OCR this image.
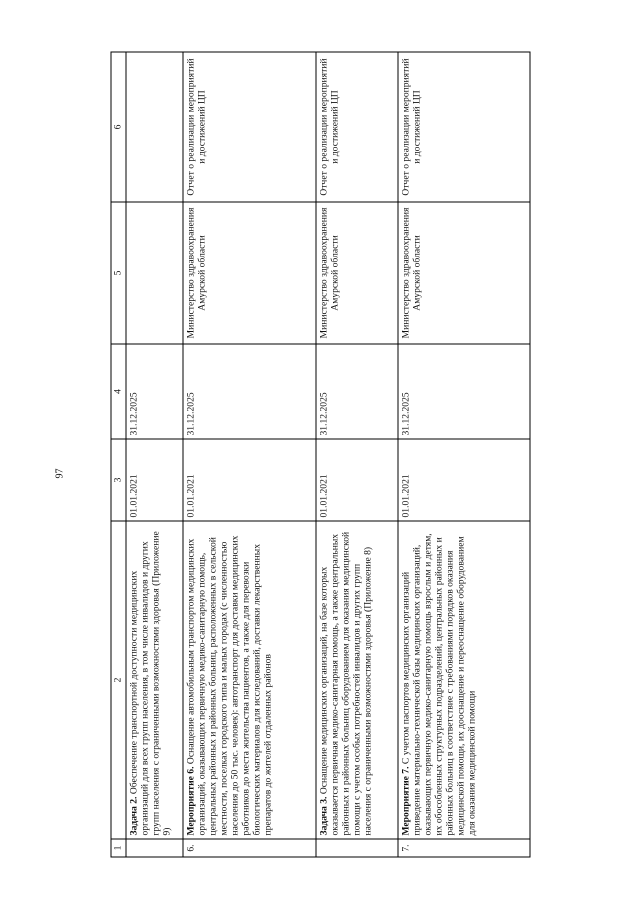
97
1	2	3	4	5	6
	Задача 2. Обеспечение транспортной доступности медицинских организаций для всех групп населения, в том числе инвалидов и других групп населения с ограниченными возможностями здоровья (Приложение 9)	01.01.2021	31.12.2025		
6.	Мероприятие 6. Оснащение автомобильным транспортом медицинских организаций, оказывающих первичную медико-санитарную помощь, центральных районных и районных больниц, расположенных в сельской местности, поселках городского типа и малых городах (с численностью населения до 50 тыс. человек): автотранспорт для доставки медицинских работников до места жительства пациентов, а также для перевозки биологических материалов для исследований, доставки лекарственных препаратов до жителей отдаленных районов	01.01.2021	31.12.2025	Министерство здравоохранения Амурской области	Отчет о реализации мероприятий и достижений ЦП
	Задача 3. Оснащение медицинских организаций, на базе которых оказывается первичная медико-санитарная помощь, а также центральных районных и районных больниц оборудованием для оказания медицинской помощи с учетом особых потребностей инвалидов и других групп населения с ограниченными возможностями здоровья (Приложение 8)	01.01.2021	31.12.2025	Министерство здравоохранения Амурской области	Отчет о реализации мероприятий и достижений ЦП
7.	Мероприятие 7. С учетом паспортов медицинских организаций приведение материально-технической базы медицинских организаций, оказывающих первичную медико-санитарную помощь взрослым и детям, их обособленных структурных подразделений, центральных районных и районных больниц в соответствие с требованиями порядков оказания медицинской помощи, их дооснащение и переоснащение оборудованием для оказания медицинской помощи	01.01.2021	31.12.2025	Министерство здравоохранения Амурской области	Отчет о реализации мероприятий и достижений ЦП
